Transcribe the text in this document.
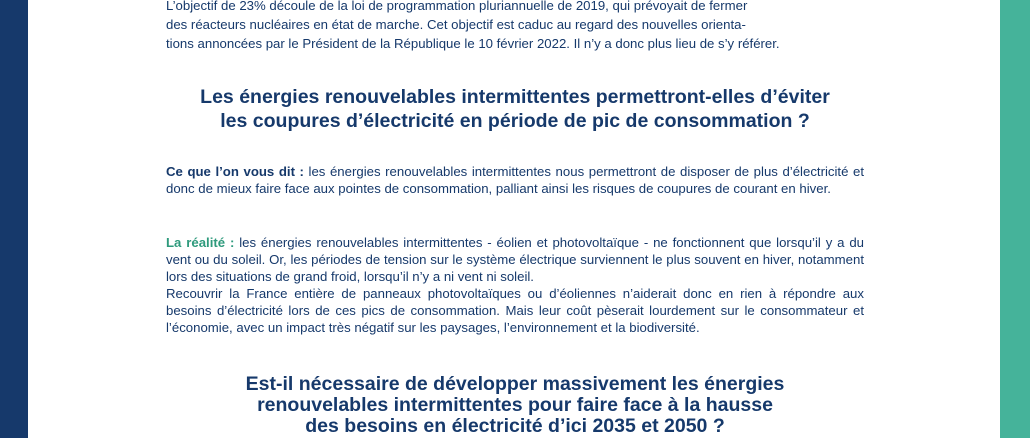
L’objectif de 23% découle de la loi de programmation pluriannuelle de 2019, qui prévoyait de fermer
des réacteurs nucléaires en état de marche. Cet objectif est caduc au regard des nouvelles orienta-
tions annoncées par le Président de la République le 10 février 2022. Il n’y a donc plus lieu de s’y référer.

Les énergies renouvelables intermittentes permettront-elles d’éviter
les coupures d’électricité en période de pic de consommation ?

Ce que l’on vous dit : les énergies renouvelables intermittentes nous permettront de disposer de plus d’électricité et donc de mieux faire face aux pointes de consommation, palliant ainsi les risques de coupures de courant en hiver.

La réalité : les énergies renouvelables intermittentes - éolien et photovoltaïque - ne fonctionnent que lorsqu’il y a du vent ou du soleil. Or, les périodes de tension sur le système électrique surviennent le plus souvent en hiver, notamment lors des situations de grand froid, lorsqu’il n’y a ni vent ni soleil.
Recouvrir la France entière de panneaux photovoltaïques ou d’éoliennes n’aiderait donc en rien à répondre aux besoins d’électricité lors de ces pics de consommation. Mais leur coût pèserait lourdement sur le consommateur et l’économie, avec un impact très négatif sur les paysages, l’environnement et la biodiversité.

Est-il nécessaire de développer massivement les énergies
renouvelables intermittentes pour faire face à la hausse
des besoins en électricité d’ici 2035 et 2050 ?
